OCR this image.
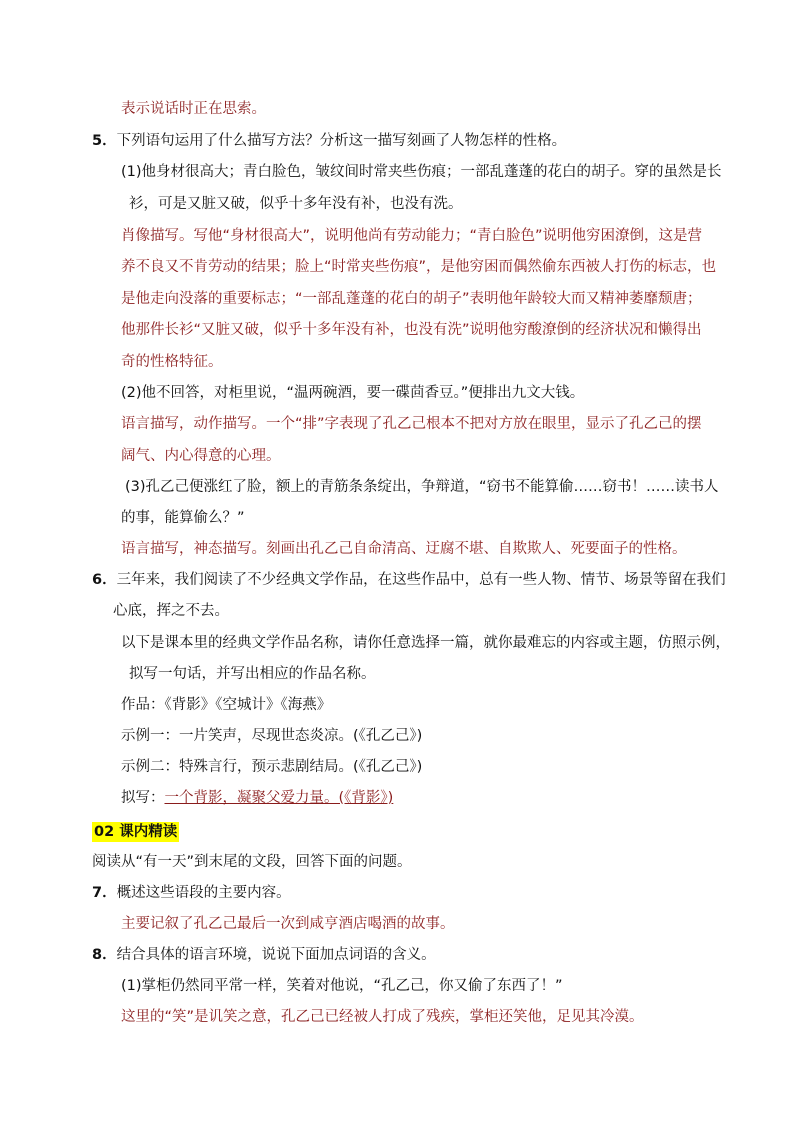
表示说话时正在思索。
5．下列语句运用了什么描写方法？分析这一描写刻画了人物怎样的性格。
(1)他身材很高大；青白脸色，皱纹间时常夹些伤痕；一部乱蓬蓬的花白的胡子。穿的虽然是长
衫，可是又脏又破，似乎十多年没有补，也没有洗。
肖像描写。写他“身材很高大”，说明他尚有劳动能力；“青白脸色”说明他穷困潦倒，这是营
养不良又不肯劳动的结果；脸上“时常夹些伤痕”，是他穷困而偶然偷东西被人打伤的标志，也
是他走向没落的重要标志；“一部乱蓬蓬的花白的胡子”表明他年龄较大而又精神萎靡颓唐；
他那件长衫“又脏又破，似乎十多年没有补，也没有洗”说明他穷酸潦倒的经济状况和懒得出
奇的性格特征。
(2)他不回答，对柜里说，“温两碗酒，要一碟茴香豆。”便排出九文大钱。
语言描写，动作描写。一个“排”字表现了孔乙己根本不把对方放在眼里，显示了孔乙己的摆
阔气、内心得意的心理。
(3)孔乙己便涨红了脸，额上的青筋条条绽出，争辩道，“窃书不能算偷……窃书！……读书人
的事，能算偷么？”
语言描写，神态描写。刻画出孔乙己自命清高、迂腐不堪、自欺欺人、死要面子的性格。
6．三年来，我们阅读了不少经典文学作品，在这些作品中，总有一些人物、情节、场景等留在我们
心底，挥之不去。
以下是课本里的经典文学作品名称，请你任意选择一篇，就你最难忘的内容或主题，仿照示例，
拟写一句话，并写出相应的作品名称。
作品：《背影》《空城计》《海燕》
示例一：一片笑声，尽现世态炎凉。(《孔乙己》)
示例二：特殊言行，预示悲剧结局。(《孔乙己》)
拟写：一个背影，凝聚父爱力量。(《背影》)
02 课内精读
阅读从“有一天”到末尾的文段，回答下面的问题。
7．概述这些语段的主要内容。
主要记叙了孔乙己最后一次到咸亨酒店喝酒的故事。
8．结合具体的语言环境，说说下面加点词语的含义。
(1)掌柜仍然同平常一样，笑着对他说，“孔乙己，你又偷了东西了！”
这里的“笑”是讥笑之意，孔乙己已经被人打成了残疾，掌柜还笑他，足见其冷漠。
